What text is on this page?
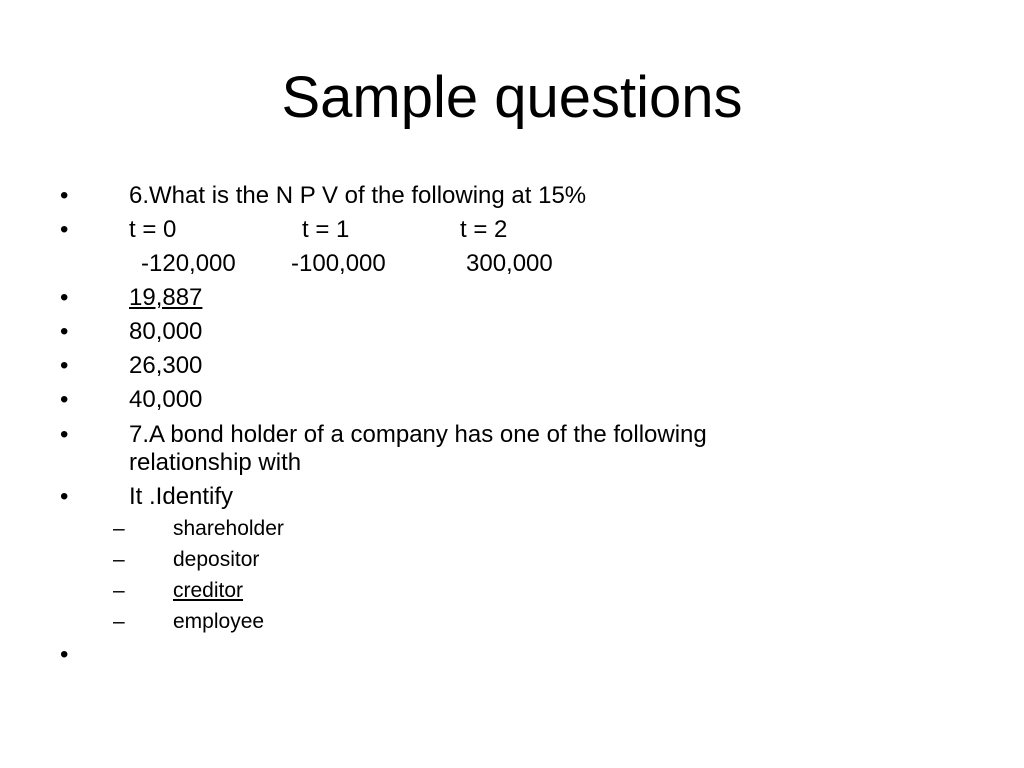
Sample questions
•	6.What is the N P V of the following at 15%
•	t = 0	t = 1	t = 2
-120,000 -100,000	300,000
•	19,887
•	80,000
•	26,300
•	40,000
•	7.A bond holder of a company has one of the following
relationship with
•	It .Identify
– shareholder
– depositor
– creditor
– employee
•
